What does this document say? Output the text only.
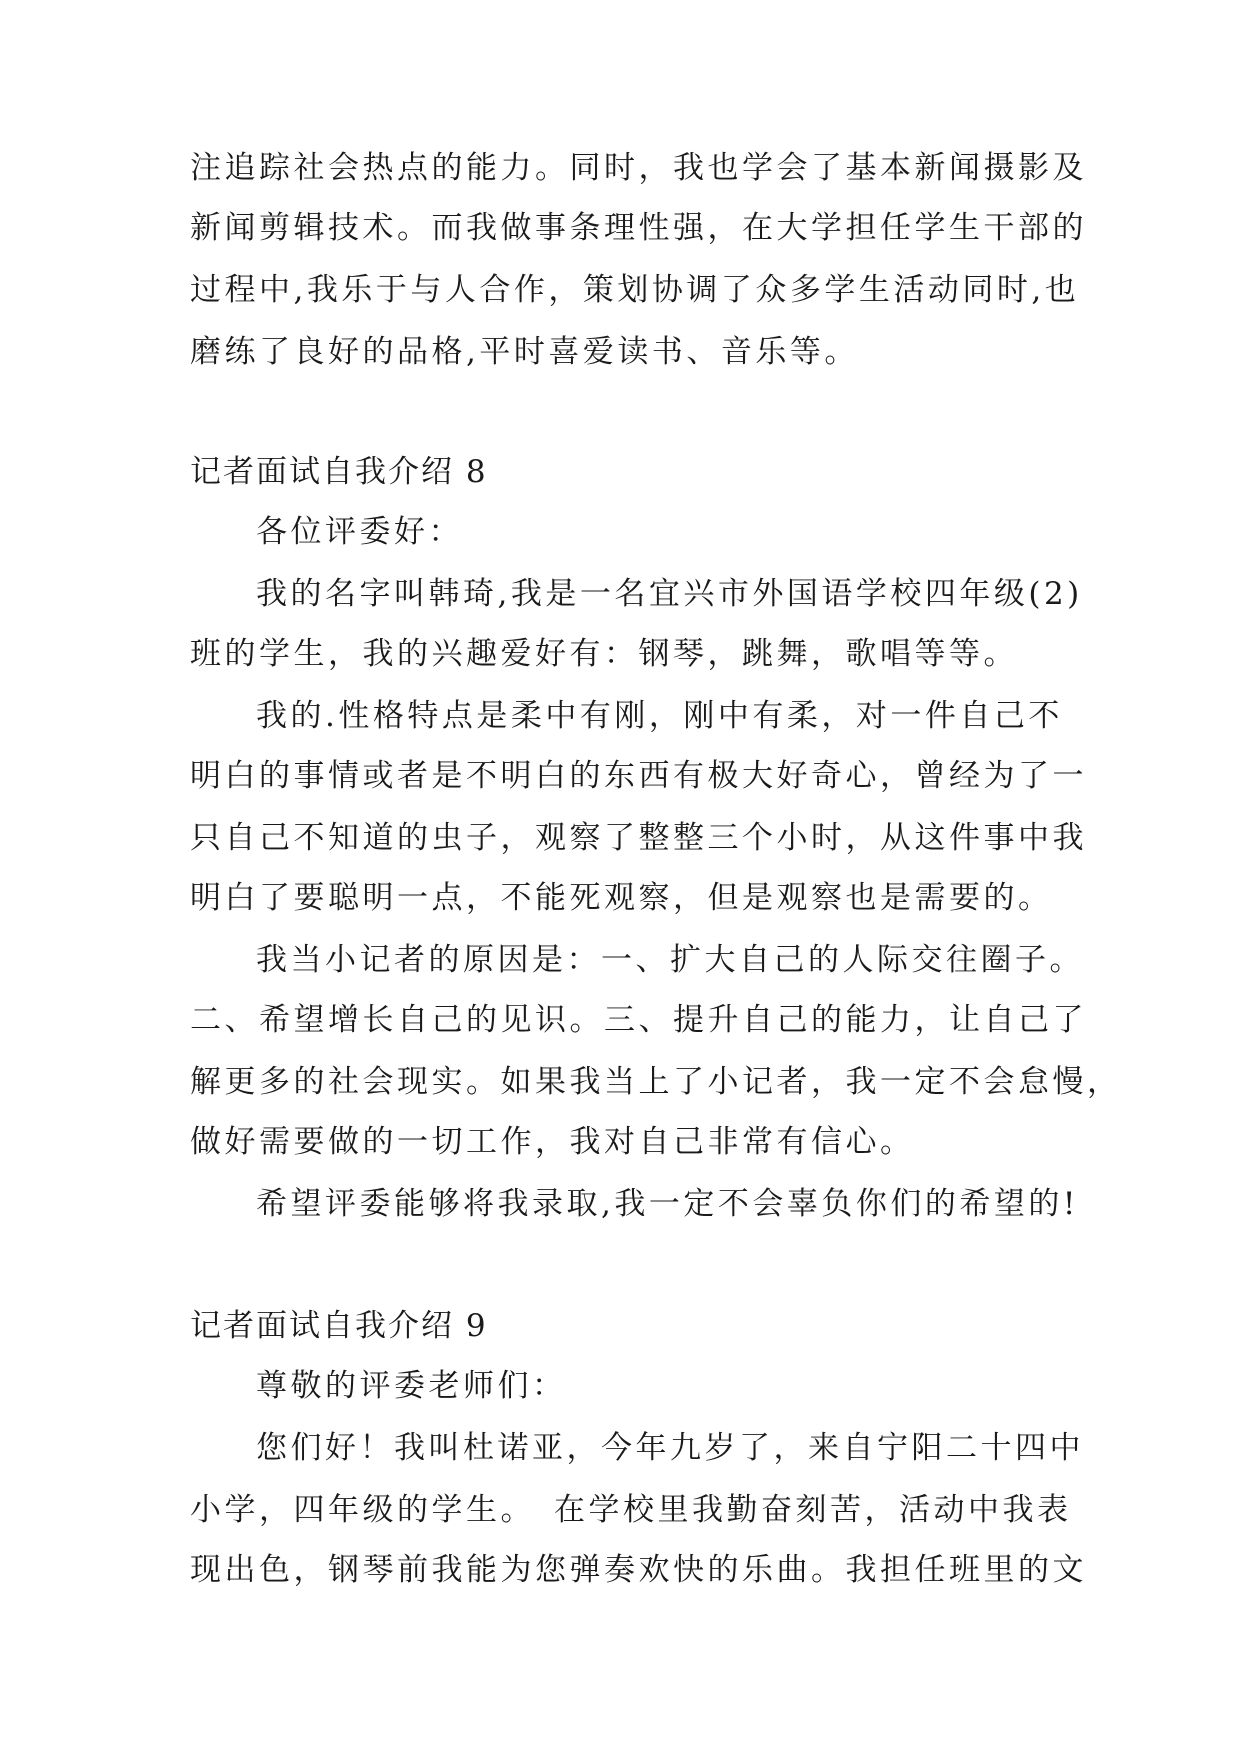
注追踪社会热点的能力。同时，我也学会了基本新闻摄影及
新闻剪辑技术。而我做事条理性强，在大学担任学生干部的
过程中,我乐于与人合作，策划协调了众多学生活动同时,也
磨练了良好的品格,平时喜爱读书、音乐等。
记者面试自我介绍 8
各位评委好：
我的名字叫韩琦,我是一名宜兴市外国语学校四年级(2)
班的学生，我的兴趣爱好有：钢琴，跳舞，歌唱等等。
我的.性格特点是柔中有刚，刚中有柔，对一件自己不
明白的事情或者是不明白的东西有极大好奇心，曾经为了一
只自己不知道的虫子，观察了整整三个小时，从这件事中我
明白了要聪明一点，不能死观察，但是观察也是需要的。
我当小记者的原因是：一、扩大自己的人际交往圈子。
二、希望增长自己的见识。三、提升自己的能力，让自己了
解更多的社会现实。如果我当上了小记者，我一定不会怠慢，
做好需要做的一切工作，我对自己非常有信心。
希望评委能够将我录取,我一定不会辜负你们的希望的!
记者面试自我介绍 9
尊敬的评委老师们：
您们好！我叫杜诺亚，今年九岁了，来自宁阳二十四中
小学，四年级的学生。　在学校里我勤奋刻苦，活动中我表
现出色，钢琴前我能为您弹奏欢快的乐曲。我担任班里的文
